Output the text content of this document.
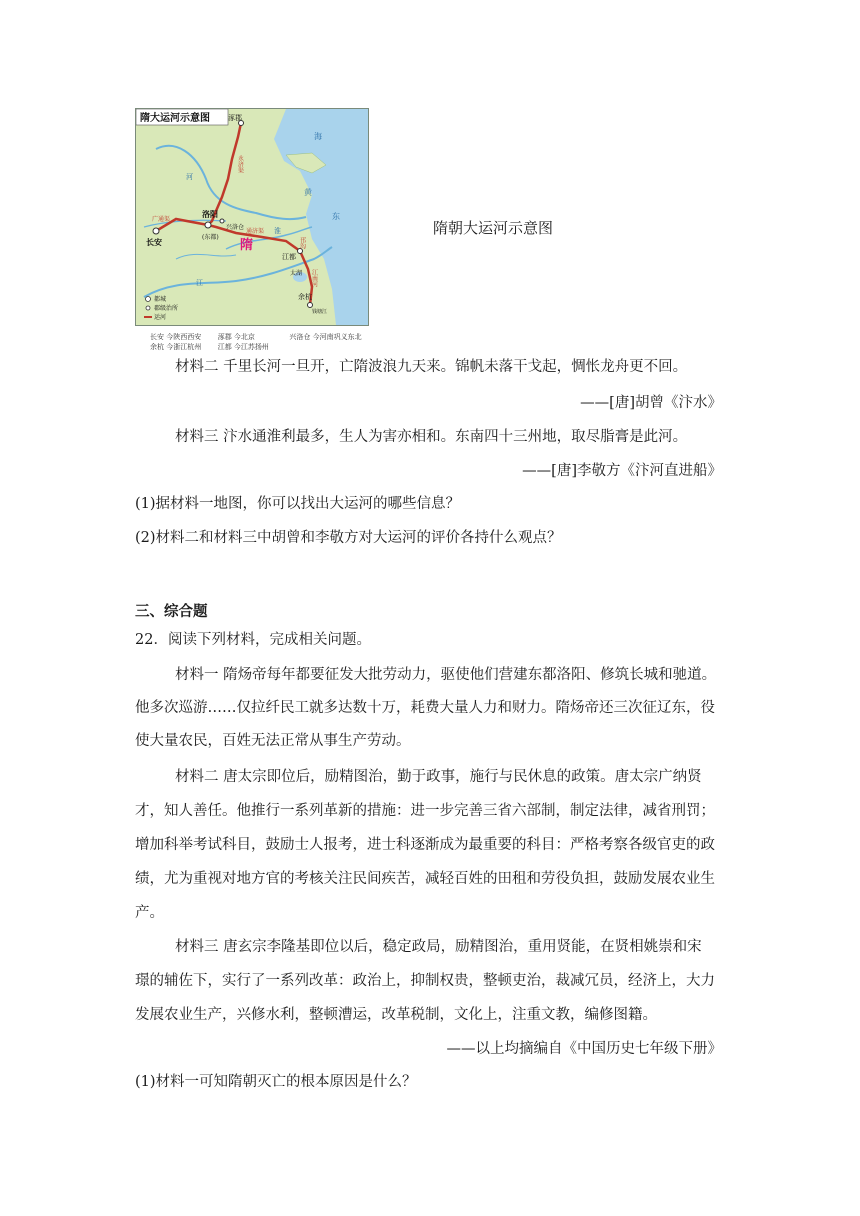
隋大运河示意图	涿郡
洛阳
(东都)
长安
兴洛仓
隋
江都
太湖
余杭
钱塘江
永济渠
广通渠
通济渠
邗沟
江南河
海
黄
河
淮
江
东
都城
郡级治所
运河
长安 今陕西西安 涿郡 今北京	兴洛仓 今河南巩义东北
余杭 今浙江杭州 江都 今江苏扬州
隋朝大运河示意图
材料二 千里长河一旦开，亡隋波浪九天来。锦帆未落干戈起，惆怅龙舟更不回。
——[唐]胡曾《汴水》
材料三 汴水通淮利最多，生人为害亦相和。东南四十三州地，取尽脂膏是此河。
——[唐]李敬方《汴河直进船》
(1)据材料一地图，你可以找出大运河的哪些信息？
(2)材料二和材料三中胡曾和李敬方对大运河的评价各持什么观点？
三、综合题
22．阅读下列材料，完成相关问题。
材料一 隋炀帝每年都要征发大批劳动力，驱使他们营建东都洛阳、修筑长城和驰道。
他多次巡游……仅拉纤民工就多达数十万，耗费大量人力和财力。隋炀帝还三次征辽东，役
使大量农民，百姓无法正常从事生产劳动。
材料二 唐太宗即位后，励精图治，勤于政事，施行与民休息的政策。唐太宗广纳贤
才，知人善任。他推行一系列革新的措施：进一步完善三省六部制，制定法律，减省刑罚；
增加科举考试科目，鼓励士人报考，进士科逐渐成为最重要的科目：严格考察各级官吏的政
绩，尤为重视对地方官的考核关注民间疾苦，减轻百姓的田租和劳役负担，鼓励发展农业生
产。
材料三 唐玄宗李隆基即位以后，稳定政局，励精图治，重用贤能，在贤相姚崇和宋
璟的辅佐下，实行了一系列改革：政治上，抑制权贵，整顿吏治，裁减冗员，经济上，大力
发展农业生产，兴修水利，整顿漕运，改革税制，文化上，注重文教，编修图籍。
——以上均摘编自《中国历史七年级下册》
(1)材料一可知隋朝灭亡的根本原因是什么？
